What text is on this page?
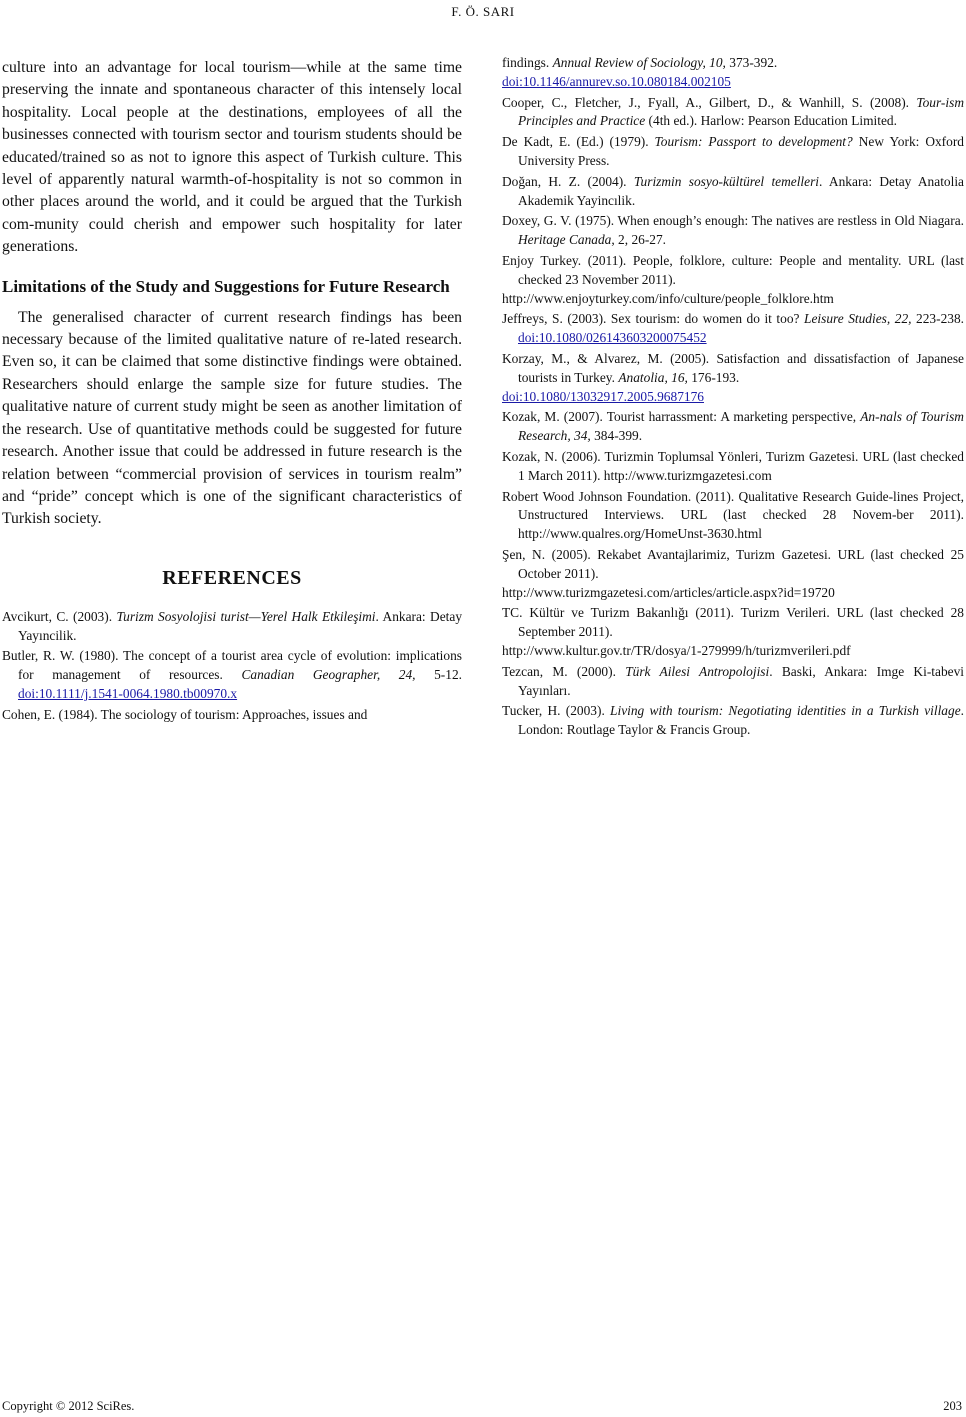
F. Ö. SARI

culture into an advantage for local tourism—while at the same time preserving the innate and spontaneous character of this intensely local hospitality. Local people at the destinations, employees of all the businesses connected with tourism sector and tourism students should be educated/trained so as not to ignore this aspect of Turkish culture. This level of apparently natural warmth-of-hospitality is not so common in other places around the world, and it could be argued that the Turkish com-munity could cherish and empower such hospitality for later generations.

Limitations of the Study and Suggestions for Future Research

The generalised character of current research findings has been necessary because of the limited qualitative nature of re-lated research. Even so, it can be claimed that some distinctive findings were obtained. Researchers should enlarge the sample size for future studies. The qualitative nature of current study might be seen as another limitation of the research. Use of quantitative methods could be suggested for future research. Another issue that could be addressed in future research is the relation between “commercial provision of services in tourism realm” and “pride” concept which is one of the significant characteristics of Turkish society.

REFERENCES
Avcikurt, C. (2003). Turizm Sosyolojisi turist—Yerel Halk Etkileşimi. Ankara: Detay Yayıncilik.
Butler, R. W. (1980). The concept of a tourist area cycle of evolution: implications for management of resources. Canadian Geographer, 24, 5-12. doi:10.1111/j.1541-0064.1980.tb00970.x
Cohen, E. (1984). The sociology of tourism: Approaches, issues and
findings. Annual Review of Sociology, 10, 373-392.
doi:10.1146/annurev.so.10.080184.002105
Cooper, C., Fletcher, J., Fyall, A., Gilbert, D., & Wanhill, S. (2008). Tour-ism Principles and Practice (4th ed.). Harlow: Pearson Education Limited.
De Kadt, E. (Ed.) (1979). Tourism: Passport to development? New York: Oxford University Press.
Doğan, H. Z. (2004). Turizmin sosyo-kültürel temelleri. Ankara: Detay Anatolia Akademik Yayincılik.
Doxey, G. V. (1975). When enough’s enough: The natives are restless in Old Niagara. Heritage Canada, 2, 26-27.
Enjoy Turkey. (2011). People, folklore, culture: People and mentality. URL (last checked 23 November 2011).
http://www.enjoyturkey.com/info/culture/people_folklore.htm
Jeffreys, S. (2003). Sex tourism: do women do it too? Leisure Studies, 22, 223-238. doi:10.1080/026143603200075452
Korzay, M., & Alvarez, M. (2005). Satisfaction and dissatisfaction of Japanese tourists in Turkey. Anatolia, 16, 176-193.
doi:10.1080/13032917.2005.9687176
Kozak, M. (2007). Tourist harrassment: A marketing perspective, An-nals of Tourism Research, 34, 384-399.
Kozak, N. (2006). Turizmin Toplumsal Yönleri, Turizm Gazetesi. URL (last checked 1 March 2011). http://www.turizmgazetesi.com
Robert Wood Johnson Foundation. (2011). Qualitative Research Guide-lines Project, Unstructured Interviews. URL (last checked 28 Novem-ber 2011). http://www.qualres.org/HomeUnst-3630.html
Şen, N. (2005). Rekabet Avantajlarimiz, Turizm Gazetesi. URL (last checked 25 October 2011).
http://www.turizmgazetesi.com/articles/article.aspx?id=19720
TC. Kültür ve Turizm Bakanlığı (2011). Turizm Verileri. URL (last checked 28 September 2011).
http://www.kultur.gov.tr/TR/dosya/1-279999/h/turizmverileri.pdf
Tezcan, M. (2000). Türk Ailesi Antropolojisi. Baski, Ankara: Imge Ki-tabevi Yayınları.
Tucker, H. (2003). Living with tourism: Negotiating identities in a Turkish village. London: Routlage Taylor & Francis Group.
Copyright © 2012 SciRes.	203
